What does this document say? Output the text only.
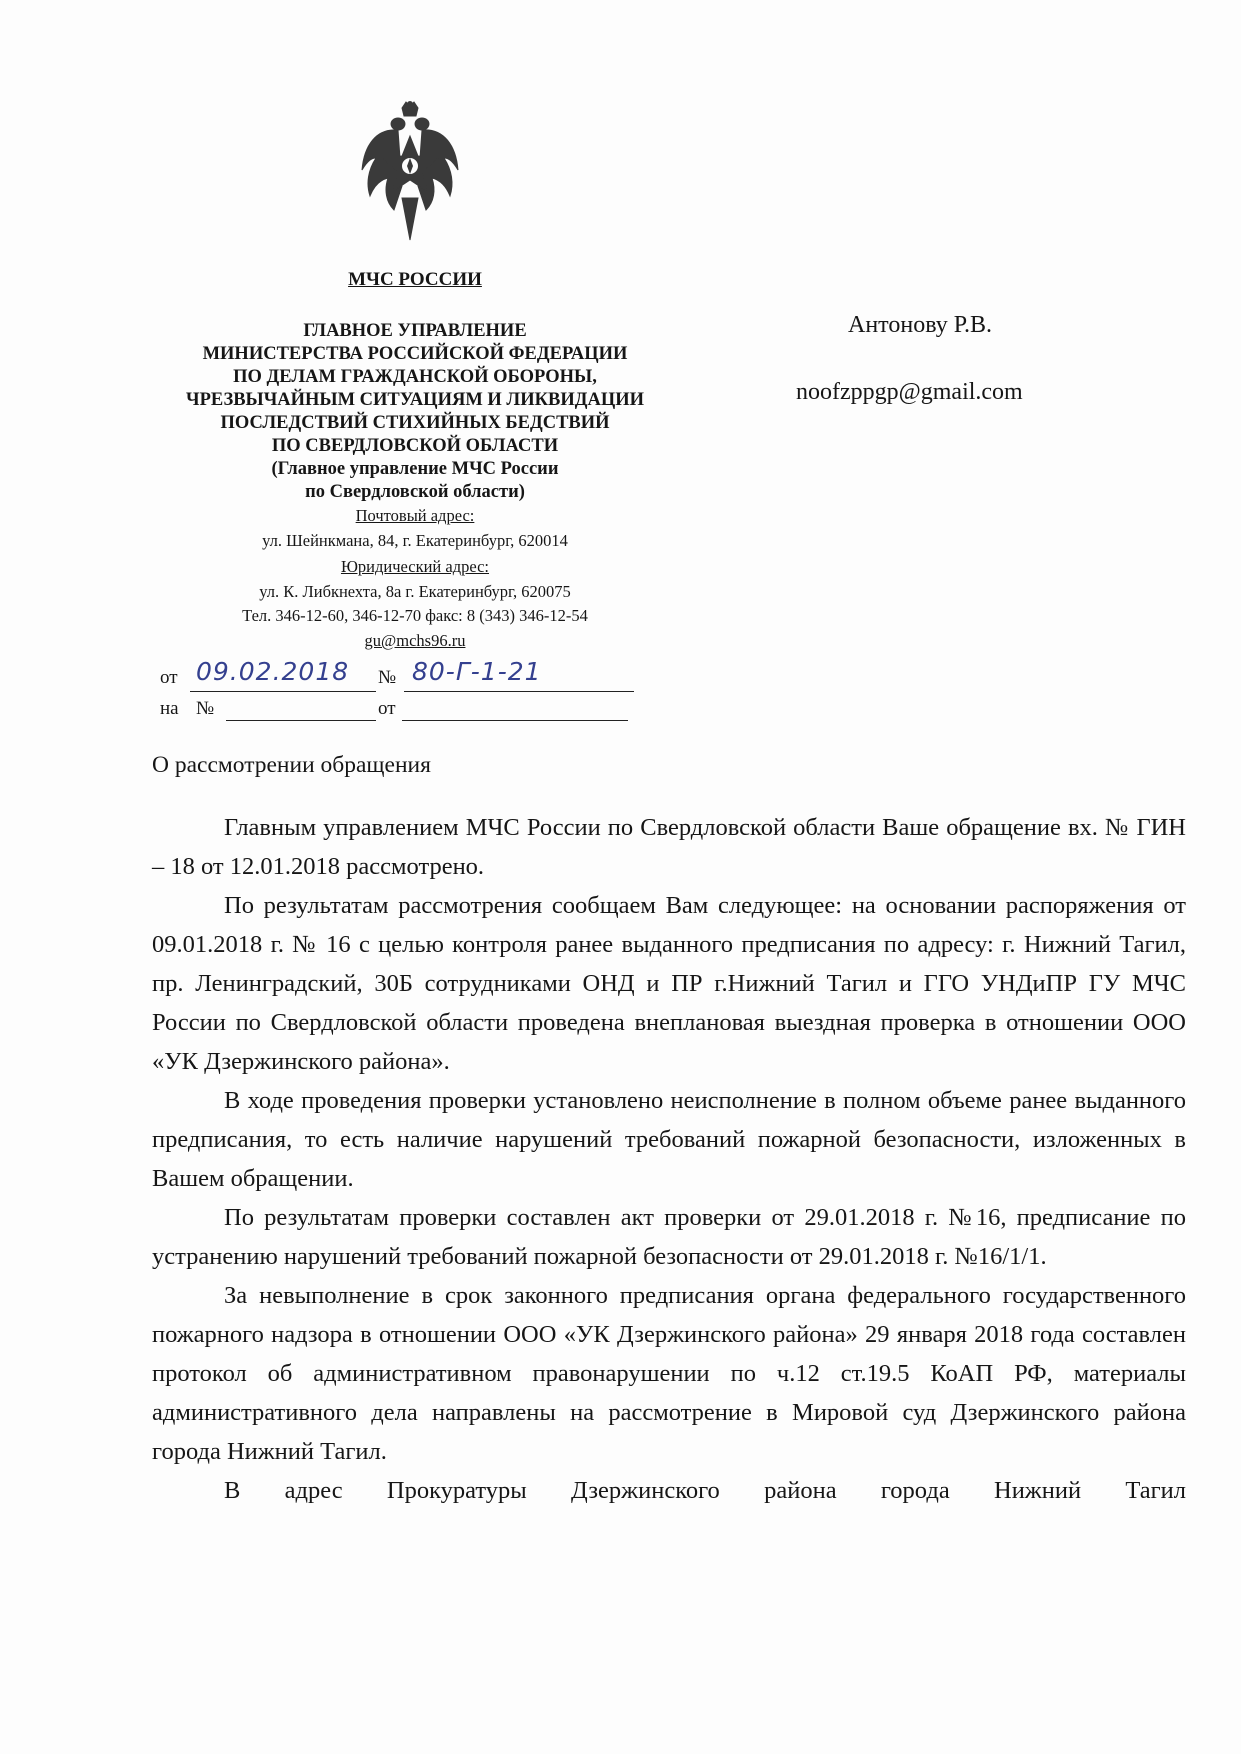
МЧС РОССИИ
ГЛАВНОЕ УПРАВЛЕНИЕ
МИНИСТЕРСТВА РОССИЙСКОЙ ФЕДЕРАЦИИ
ПО ДЕЛАМ ГРАЖДАНСКОЙ ОБОРОНЫ,
ЧРЕЗВЫЧАЙНЫМ СИТУАЦИЯМ И ЛИКВИДАЦИИ
ПОСЛЕДСТВИЙ СТИХИЙНЫХ БЕДСТВИЙ
ПО СВЕРДЛОВСКОЙ ОБЛАСТИ
(Главное управление МЧС России
по Свердловской области)
Почтовый адрес:
ул. Шейнкмана, 84, г. Екатеринбург, 620014
Юридический адрес:
ул. К. Либкнехта, 8а г. Екатеринбург, 620075
Тел. 346-12-60, 346-12-70 факс: 8 (343) 346-12-54
gu@mchs96.ru
от 09.02.2018 № 80-Г-1-21
на №	от
Антонову Р.В.
noofzppgp@gmail.com
О рассмотрении обращения

Главным управлением МЧС России по Свердловской области Ваше обращение вх. № ГИН – 18 от 12.01.2018 рассмотрено.

По результатам рассмотрения сообщаем Вам следующее: на основании распоряжения от 09.01.2018 г. № 16 с целью контроля ранее выданного предписания по адресу: г. Нижний Тагил, пр. Ленинградский, 30Б сотрудниками ОНД и ПР г.Нижний Тагил и ГГО УНДиПР ГУ МЧС России по Свердловской области проведена внеплановая выездная проверка в отношении ООО «УК Дзержинского района».

В ходе проведения проверки установлено неисполнение в полном объеме ранее выданного предписания, то есть наличие нарушений требований пожарной безопасности, изложенных в Вашем обращении.

По результатам проверки составлен акт проверки от 29.01.2018 г. №16, предписание по устранению нарушений требований пожарной безопасности от 29.01.2018 г. №16/1/1.

За невыполнение в срок законного предписания органа федерального государственного пожарного надзора в отношении ООО «УК Дзержинского района» 29 января 2018 года составлен протокол об административном правонарушении по ч.12 ст.19.5 КоАП РФ, материалы административного дела направлены на рассмотрение в Мировой суд Дзержинского района города Нижний Тагил.

В адрес Прокуратуры Дзержинского района города Нижний Тагил
